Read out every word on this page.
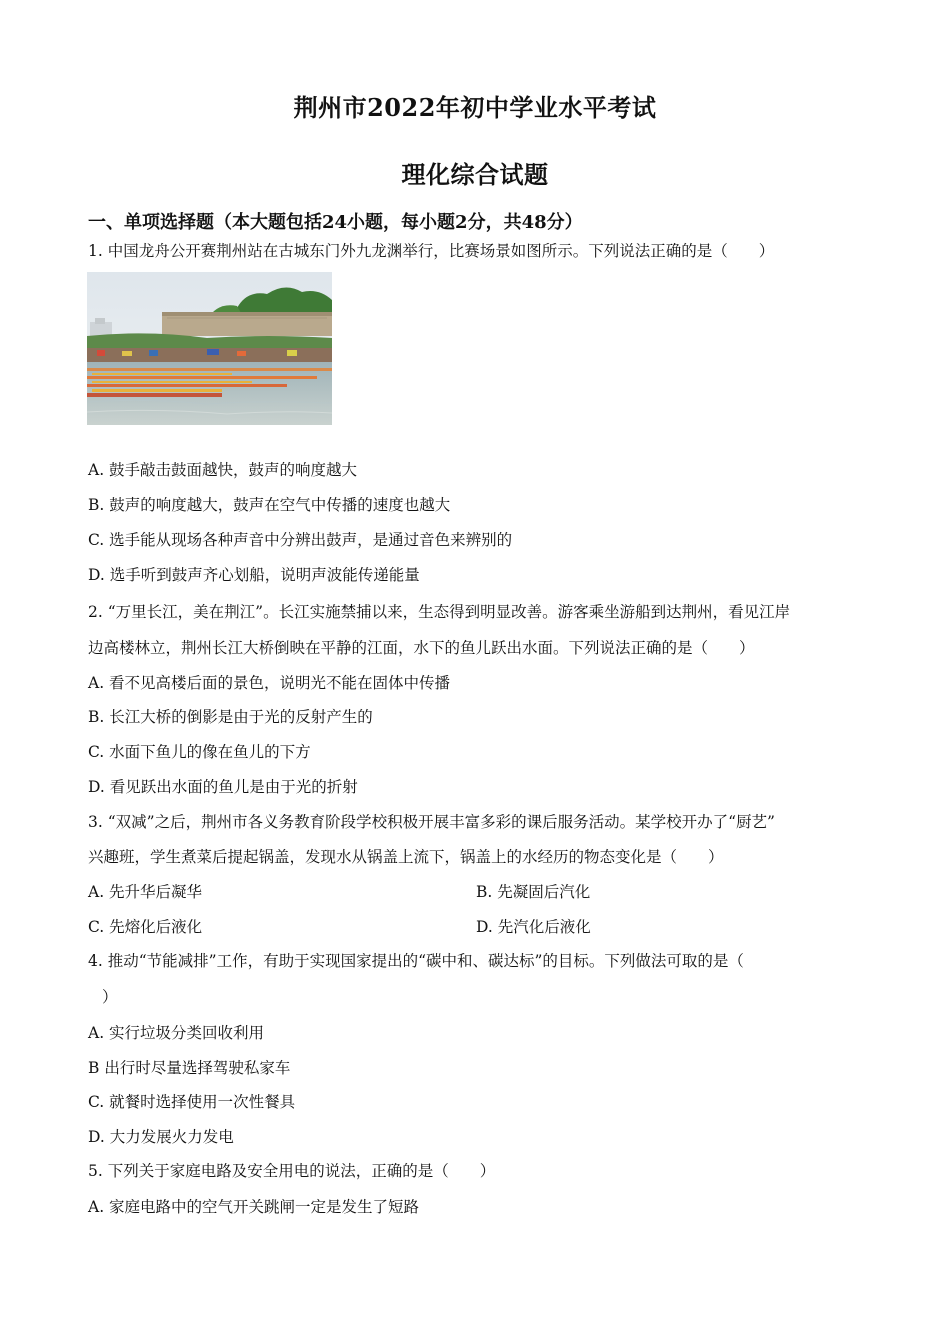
荆州市2022年初中学业水平考试
理化综合试题
一、单项选择题（本大题包括24小题，每小题2分，共48分）
1. 中国龙舟公开赛荆州站在古城东门外九龙渊举行，比赛场景如图所示。下列说法正确的是（　　）
A. 鼓手敲击鼓面越快，鼓声的响度越大
B. 鼓声的响度越大，鼓声在空气中传播的速度也越大
C. 选手能从现场各种声音中分辨出鼓声，是通过音色来辨别的
D. 选手听到鼓声齐心划船，说明声波能传递能量
2. “万里长江，美在荆江”。长江实施禁捕以来，生态得到明显改善。游客乘坐游船到达荆州，看见江岸
边高楼林立，荆州长江大桥倒映在平静的江面，水下的鱼儿跃出水面。下列说法正确的是（　　）
A. 看不见高楼后面的景色，说明光不能在固体中传播
B. 长江大桥的倒影是由于光的反射产生的
C. 水面下鱼儿的像在鱼儿的下方
D. 看见跃出水面的鱼儿是由于光的折射
3. “双减”之后，荆州市各义务教育阶段学校积极开展丰富多彩的课后服务活动。某学校开办了“厨艺”
兴趣班，学生煮菜后提起锅盖，发现水从锅盖上流下，锅盖上的水经历的物态变化是（　　）
A. 先升华后凝华	B. 先凝固后汽化
C. 先熔化后液化	D. 先汽化后液化
4. 推动“节能减排”工作，有助于实现国家提出的“碳中和、碳达标”的目标。下列做法可取的是（
）
A. 实行垃圾分类回收利用
B 出行时尽量选择驾驶私家车
C. 就餐时选择使用一次性餐具
D. 大力发展火力发电
5. 下列关于家庭电路及安全用电的说法，正确的是（　　）
A. 家庭电路中的空气开关跳闸一定是发生了短路
